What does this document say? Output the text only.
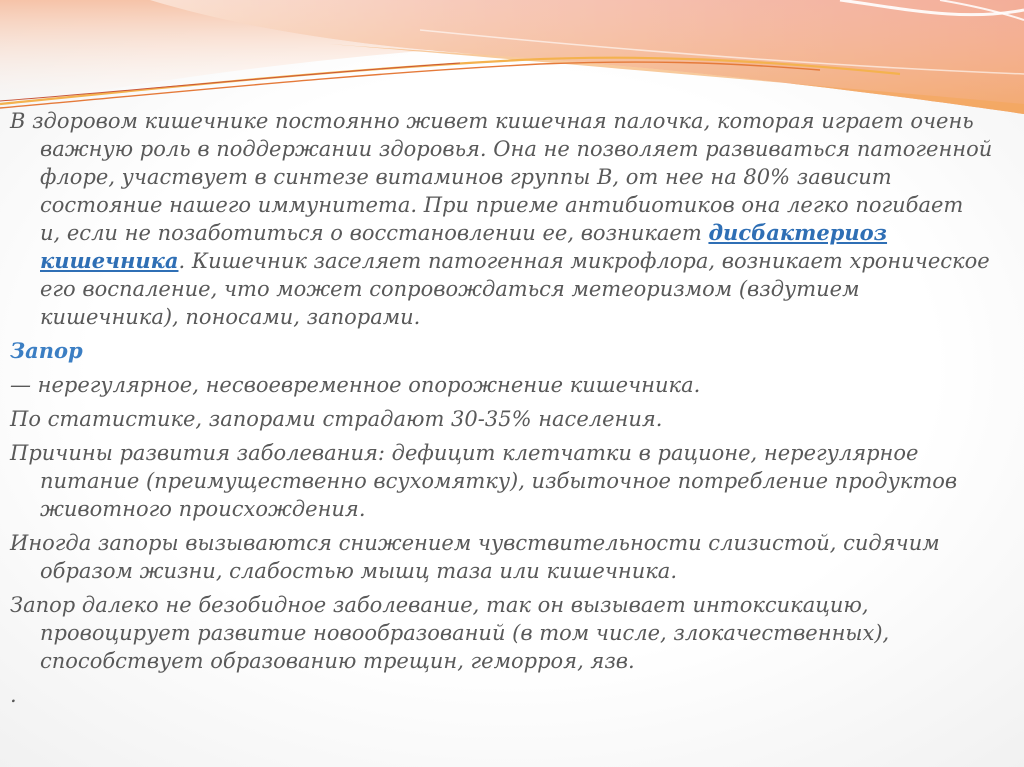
В здоровом кишечнике постоянно живет кишечная палочка, которая играет очень
важную роль в поддержании здоровья. Она не позволяет развиваться патогенной
флоре, участвует в синтезе витаминов группы В, от нее на 80% зависит
состояние нашего иммунитета. При приеме антибиотиков она легко погибает
и, если не позаботиться о восстановлении ее, возникает дисбактериоз
кишечника. Кишечник заселяет патогенная микрофлора, возникает хроническое
его воспаление, что может сопровождаться метеоризмом (вздутием
кишечника), поносами, запорами.

Запор

— нерегулярное, несвоевременное опорожнение кишечника.

По статистике, запорами страдают 30-35% населения.

Причины развития заболевания: дефицит клетчатки в рационе, нерегулярное
питание (преимущественно всухомятку), избыточное потребление продуктов
животного происхождения.

Иногда запоры вызываются снижением чувствительности слизистой, сидячим
образом жизни, слабостью мышц таза или кишечника.

Запор далеко не безобидное заболевание, так он вызывает интоксикацию,
провоцирует развитие новообразований (в том числе, злокачественных),
способствует образованию трещин, геморроя, язв.

.
